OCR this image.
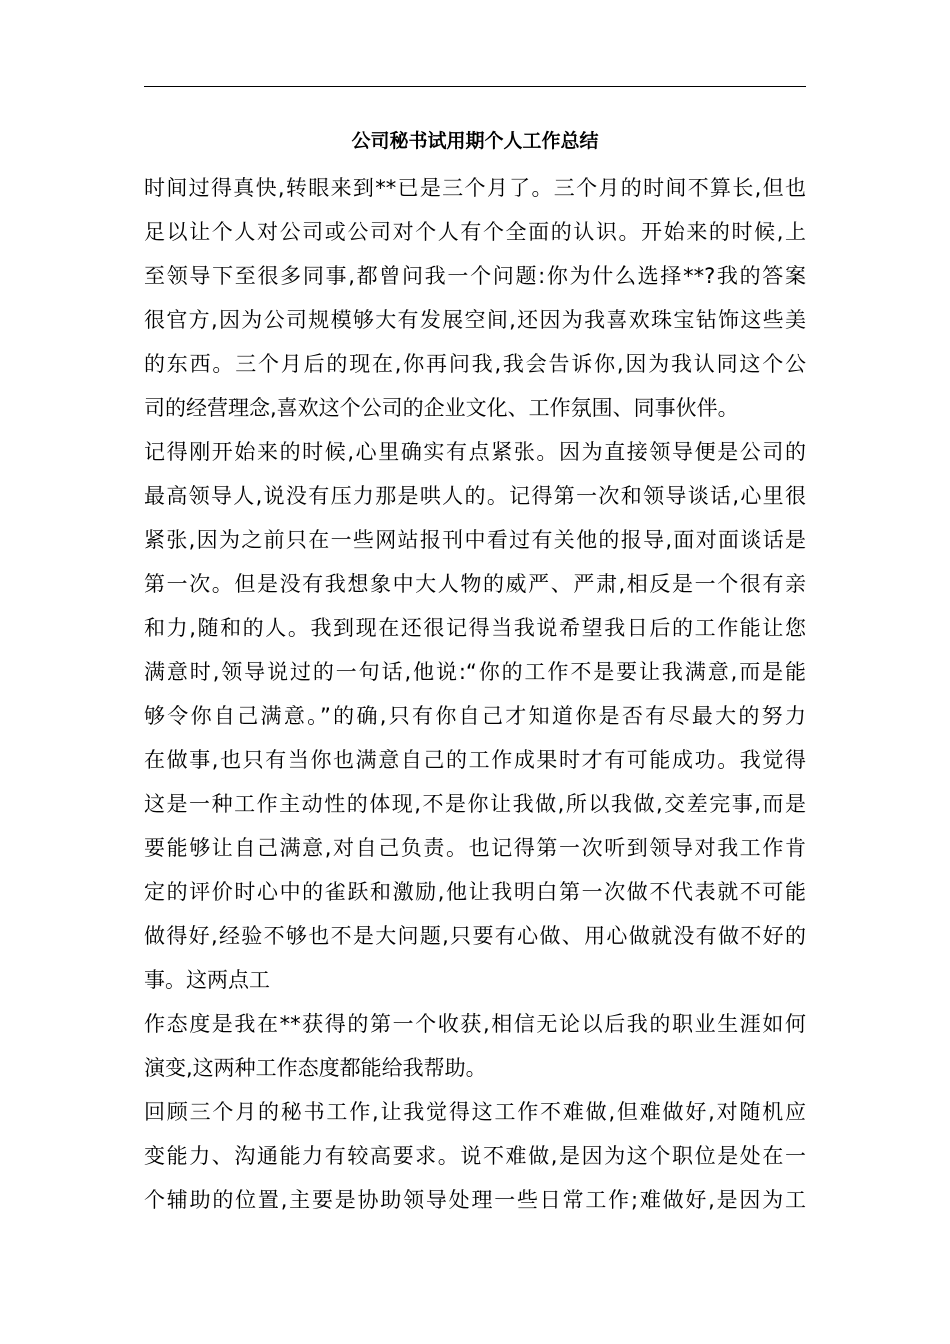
公司秘书试用期个人工作总结
时间过得真快,转眼来到**已是三个月了。三个月的时间不算长,但也
足以让个人对公司或公司对个人有个全面的认识。开始来的时候,上
至领导下至很多同事,都曾问我一个问题:你为什么选择**?我的答案
很官方,因为公司规模够大有发展空间,还因为我喜欢珠宝钻饰这些美
的东西。三个月后的现在,你再问我,我会告诉你,因为我认同这个公
司的经营理念,喜欢这个公司的企业文化、工作氛围、同事伙伴。
记得刚开始来的时候,心里确实有点紧张。因为直接领导便是公司的
最高领导人,说没有压力那是哄人的。记得第一次和领导谈话,心里很
紧张,因为之前只在一些网站报刊中看过有关他的报导,面对面谈话是
第一次。但是没有我想象中大人物的威严、严肃,相反是一个很有亲
和力,随和的人。我到现在还很记得当我说希望我日后的工作能让您
满意时,领导说过的一句话,他说:“你的工作不是要让我满意,而是能
够令你自己满意。”的确,只有你自己才知道你是否有尽最大的努力
在做事,也只有当你也满意自己的工作成果时才有可能成功。我觉得
这是一种工作主动性的体现,不是你让我做,所以我做,交差完事,而是
要能够让自己满意,对自己负责。也记得第一次听到领导对我工作肯
定的评价时心中的雀跃和激励,他让我明白第一次做不代表就不可能
做得好,经验不够也不是大问题,只要有心做、用心做就没有做不好的
事。这两点工
作态度是我在**获得的第一个收获,相信无论以后我的职业生涯如何
演变,这两种工作态度都能给我帮助。
回顾三个月的秘书工作,让我觉得这工作不难做,但难做好,对随机应
变能力、沟通能力有较高要求。说不难做,是因为这个职位是处在一
个辅助的位置,主要是协助领导处理一些日常工作;难做好,是因为工
